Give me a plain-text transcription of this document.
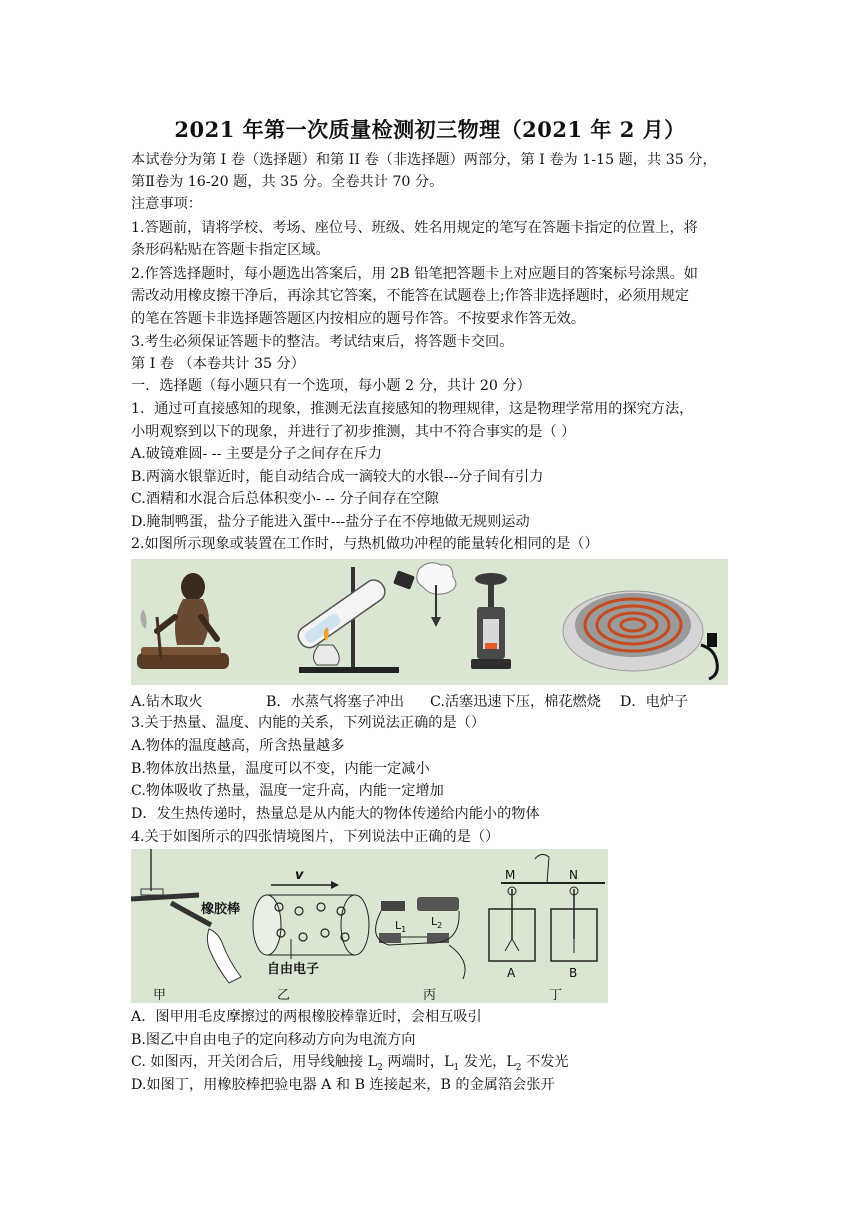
2021 年第一次质量检测初三物理（2021 年 2 月）
本试卷分为第 I 卷（选择题）和第 II 卷（非选择题）两部分，第 I 卷为 1-15 题，共 35 分，
第Ⅱ卷为 16-20 题，共 35 分。全卷共计 70 分。
注意事项：
1.答题前，请将学校、考场、座位号、班级、姓名用规定的笔写在答题卡指定的位置上，将
条形码粘贴在答题卡指定区域。
2.作答选择题时，每小题选出答案后，用 2B 铅笔把答题卡上对应题目的答案标号涂黑。如
需改动用橡皮擦干净后，再涂其它答案，不能答在试题卷上;作答非选择题时，必须用规定
的笔在答题卡非选择题答题区内按相应的题号作答。不按要求作答无效。
3.考生必须保证答题卡的整洁。考试结束后，将答题卡交回。
第 I 卷 （本卷共计 35 分）
一．选择题（每小题只有一个选项，每小题 2 分，共计 20 分）
1．通过可直接感知的现象，推测无法直接感知的物理规律，这是物理学常用的探究方法，
小明观察到以下的现象，并进行了初步推测，其中不符合事实的是（ ）
A.破镜难圆- -- 主要是分子之间存在斥力
B.两滴水银靠近时，能自动结合成一滴较大的水银---分子间有引力
C.酒精和水混合后总体积变小- -- 分子间存在空隙
D.腌制鸭蛋，盐分子能进入蛋中---盐分子在不停地做无规则运动
2.如图所示现象或装置在工作时，与热机做功冲程的能量转化相同的是（）
A.钻木取火	B．水蒸气将塞子冲出 C.活塞迅速下压，棉花燃烧 D．电炉子
3.关于热量、温度、内能的关系，下列说法正确的是（）
A.物体的温度越高，所含热量越多
B.物体放出热量，温度可以不变，内能一定减小
C.物体吸收了热量，温度一定升高，内能一定增加
D．发生热传递时，热量总是从内能大的物体传递给内能小的物体
4.关于如图所示的四张情境图片，下列说法中正确的是（）
橡胶棒
v
自由电子
$L_1$
$L_2$
M	N
A	B
甲	乙	丙	丁
A．图甲用毛皮摩擦过的两根橡胶棒靠近时，会相互吸引
B.图乙中自由电子的定向移动方向为电流方向
C. 如图丙，开关闭合后，用导线触接 $L_2$ 两端时，$L_1$ 发光，$L_2$ 不发光
D.如图丁，用橡胶棒把验电器 A 和 B 连接起来，B 的金属箔会张开
